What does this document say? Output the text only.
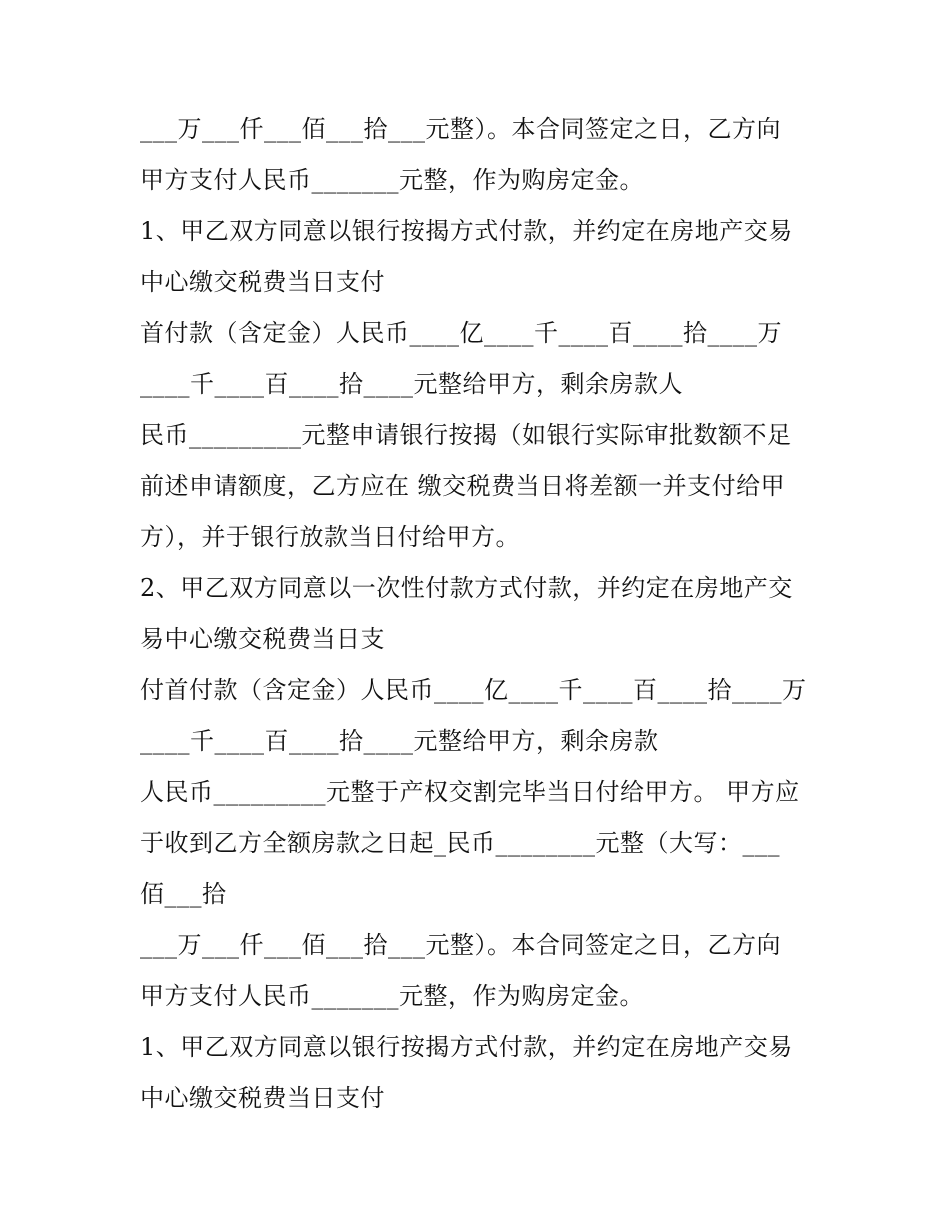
___万___仟___佰___拾___元整）。本合同签定之日，乙方向
甲方支付人民币_______元整，作为购房定金。
1、甲乙双方同意以银行按揭方式付款，并约定在房地产交易
中心缴交税费当日支付
首付款（含定金）人民币____亿____千____百____拾____万
____千____百____拾____元整给甲方，剩余房款人
民币_________元整申请银行按揭（如银行实际审批数额不足
前述申请额度，乙方应在 缴交税费当日将差额一并支付给甲
方），并于银行放款当日付给甲方。
2、甲乙双方同意以一次性付款方式付款，并约定在房地产交
易中心缴交税费当日支
付首付款（含定金）人民币____亿____千____百____拾____万
____千____百____拾____元整给甲方，剩余房款
人民币_________元整于产权交割完毕当日付给甲方。 甲方应
于收到乙方全额房款之日起_民币________元整（大写：___
佰___拾
___万___仟___佰___拾___元整）。本合同签定之日，乙方向
甲方支付人民币_______元整，作为购房定金。
1、甲乙双方同意以银行按揭方式付款，并约定在房地产交易
中心缴交税费当日支付
